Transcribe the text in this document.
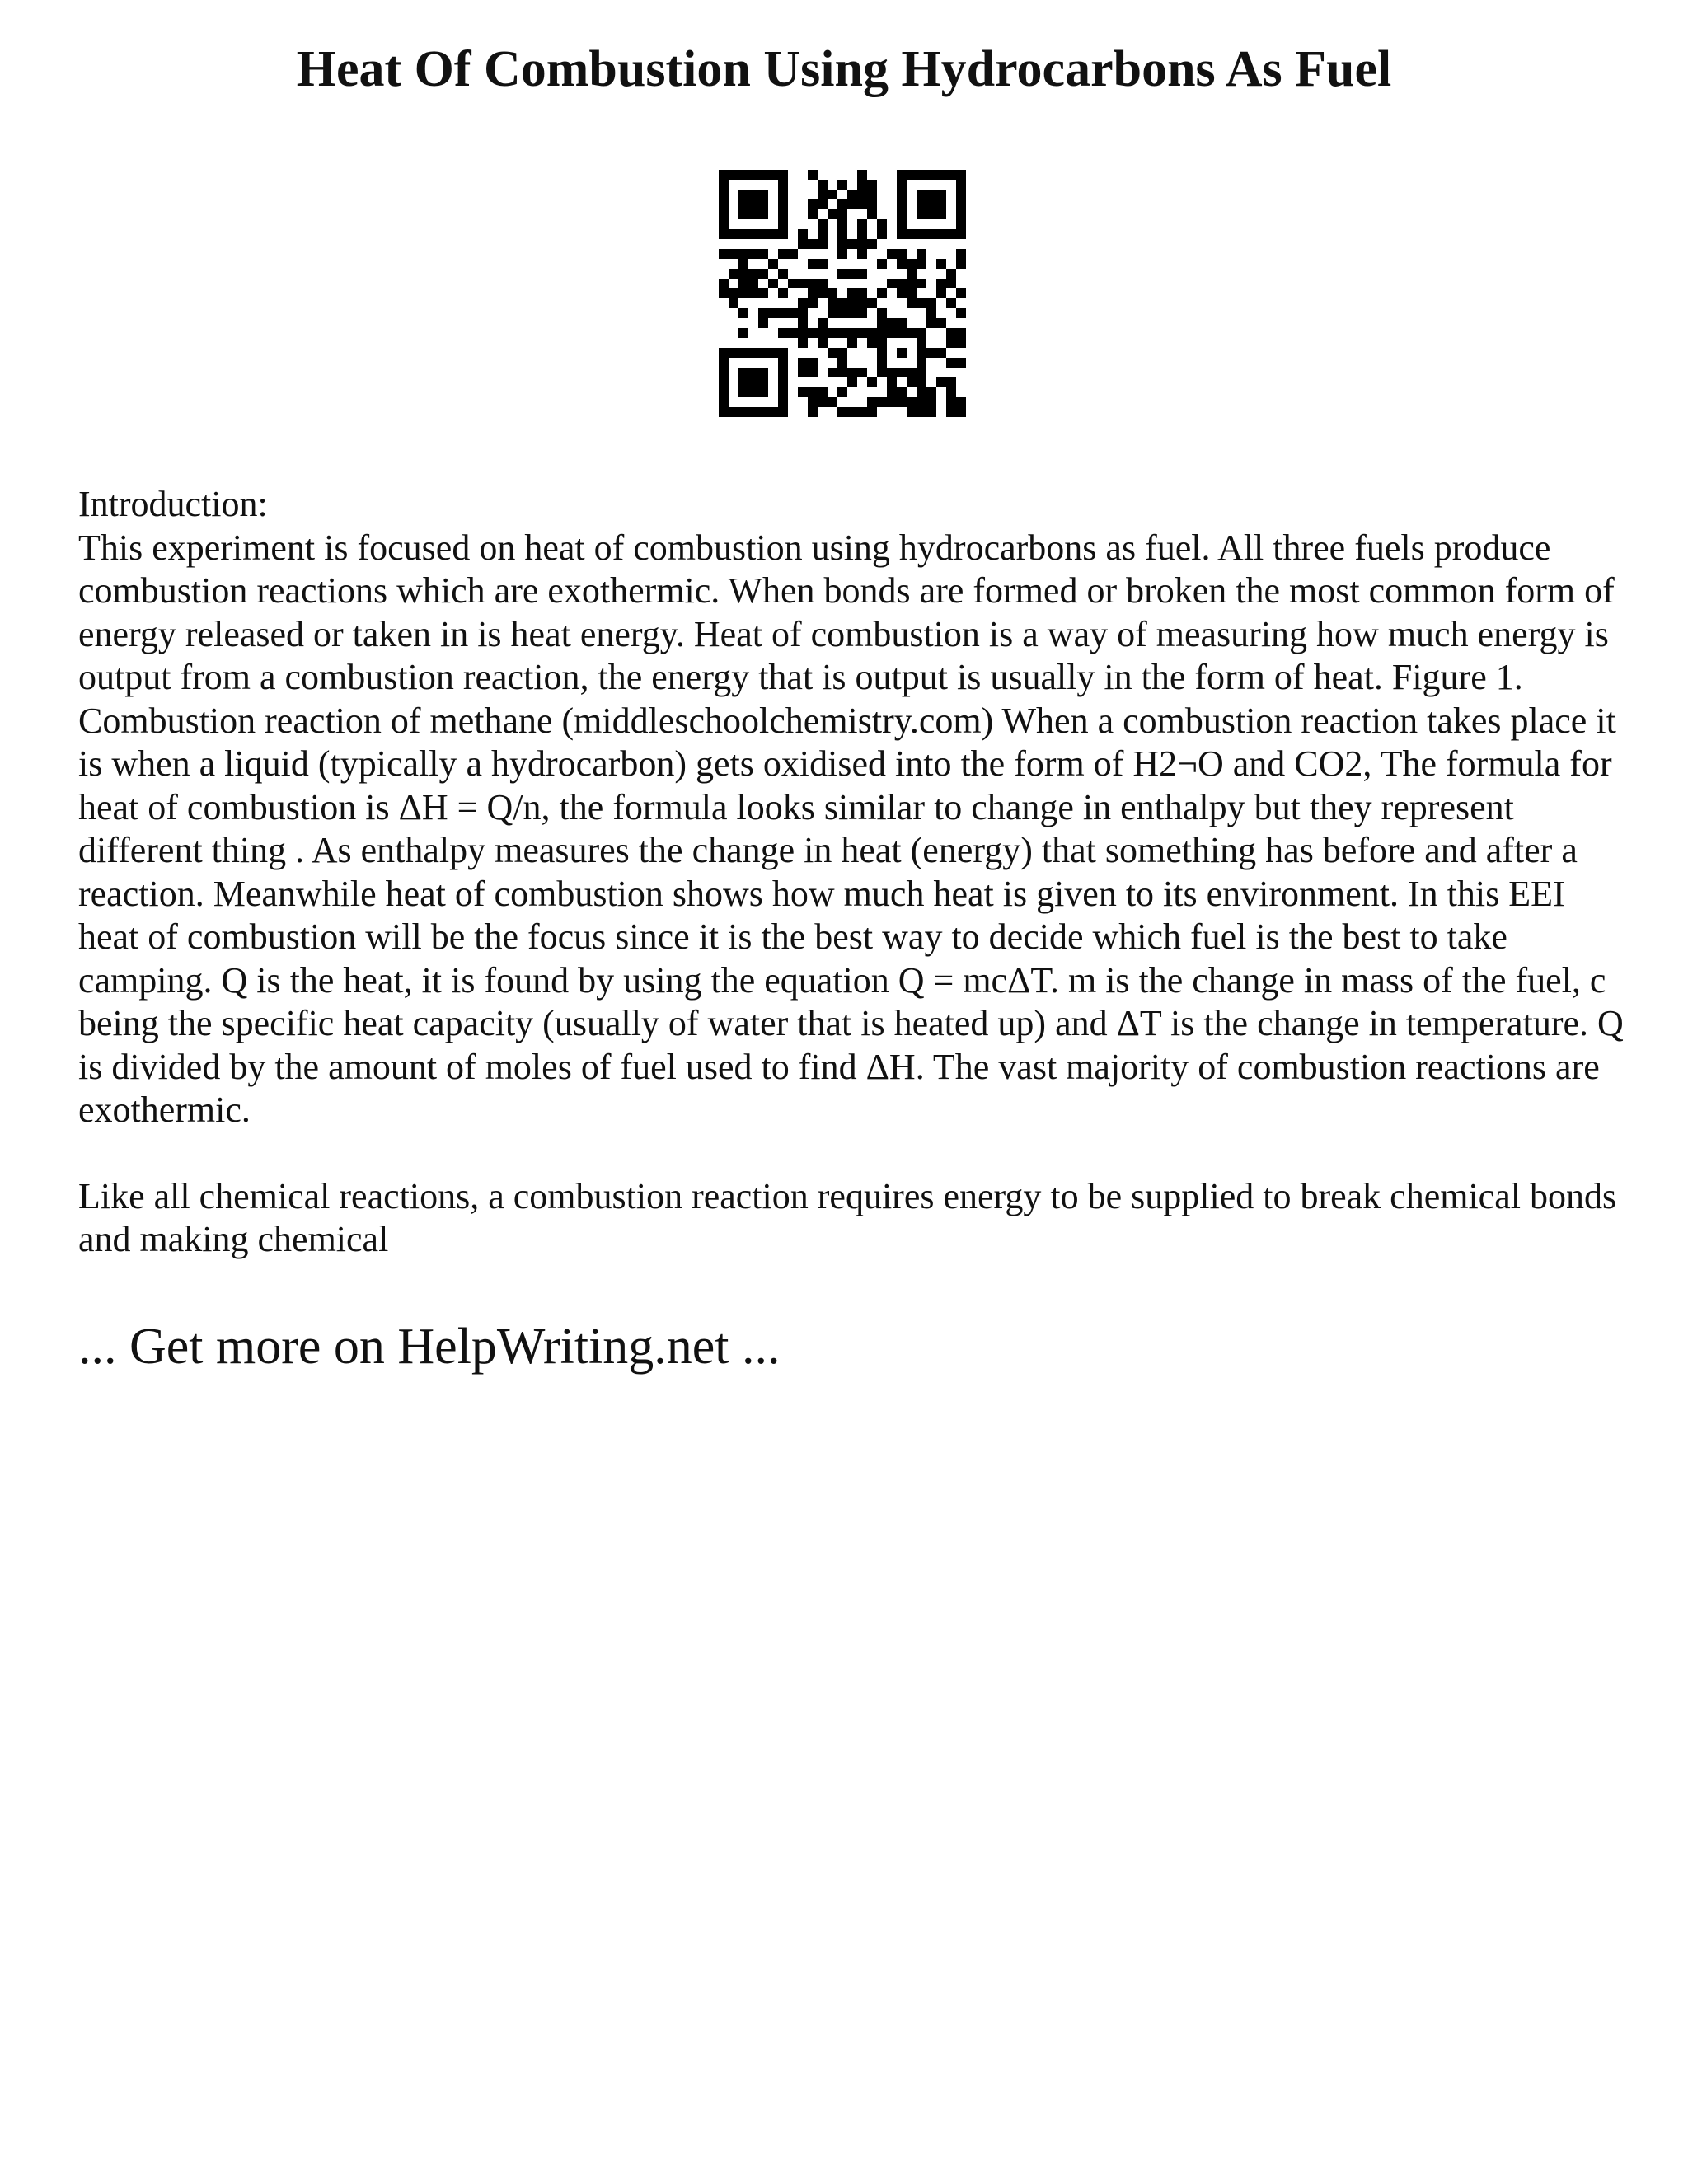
Heat Of Combustion Using Hydrocarbons As Fuel

Introduction:

This experiment is focused on heat of combustion using hydrocarbons as fuel. All three fuels produce combustion reactions which are exothermic. When bonds are formed or broken the most common form of energy released or taken in is heat energy. Heat of combustion is a way of measuring how much energy is output from a combustion reaction, the energy that is output is usually in the form of heat. Figure 1. Combustion reaction of methane (middleschoolchemistry.com) When a combustion reaction takes place it is when a liquid (typically a hydrocarbon) gets oxidised into the form of H2¬O and CO2, The formula for heat of combustion is ΔH = Q/n, the formula looks similar to change in enthalpy but they represent different thing . As enthalpy measures the change in heat (energy) that something has before and after a reaction. Meanwhile heat of combustion shows how much heat is given to its environment. In this EEI heat of combustion will be the focus since it is the best way to decide which fuel is the best to take camping. Q is the heat, it is found by using the equation Q = mcΔT. m is the change in mass of the fuel, c being the specific heat capacity (usually of water that is heated up) and ΔT is the change in temperature. Q is divided by the amount of moles of fuel used to find ΔH. The vast majority of combustion reactions are exothermic.

Like all chemical reactions, a combustion reaction requires energy to be supplied to break chemical bonds and making chemical

... Get more on HelpWriting.net ...
